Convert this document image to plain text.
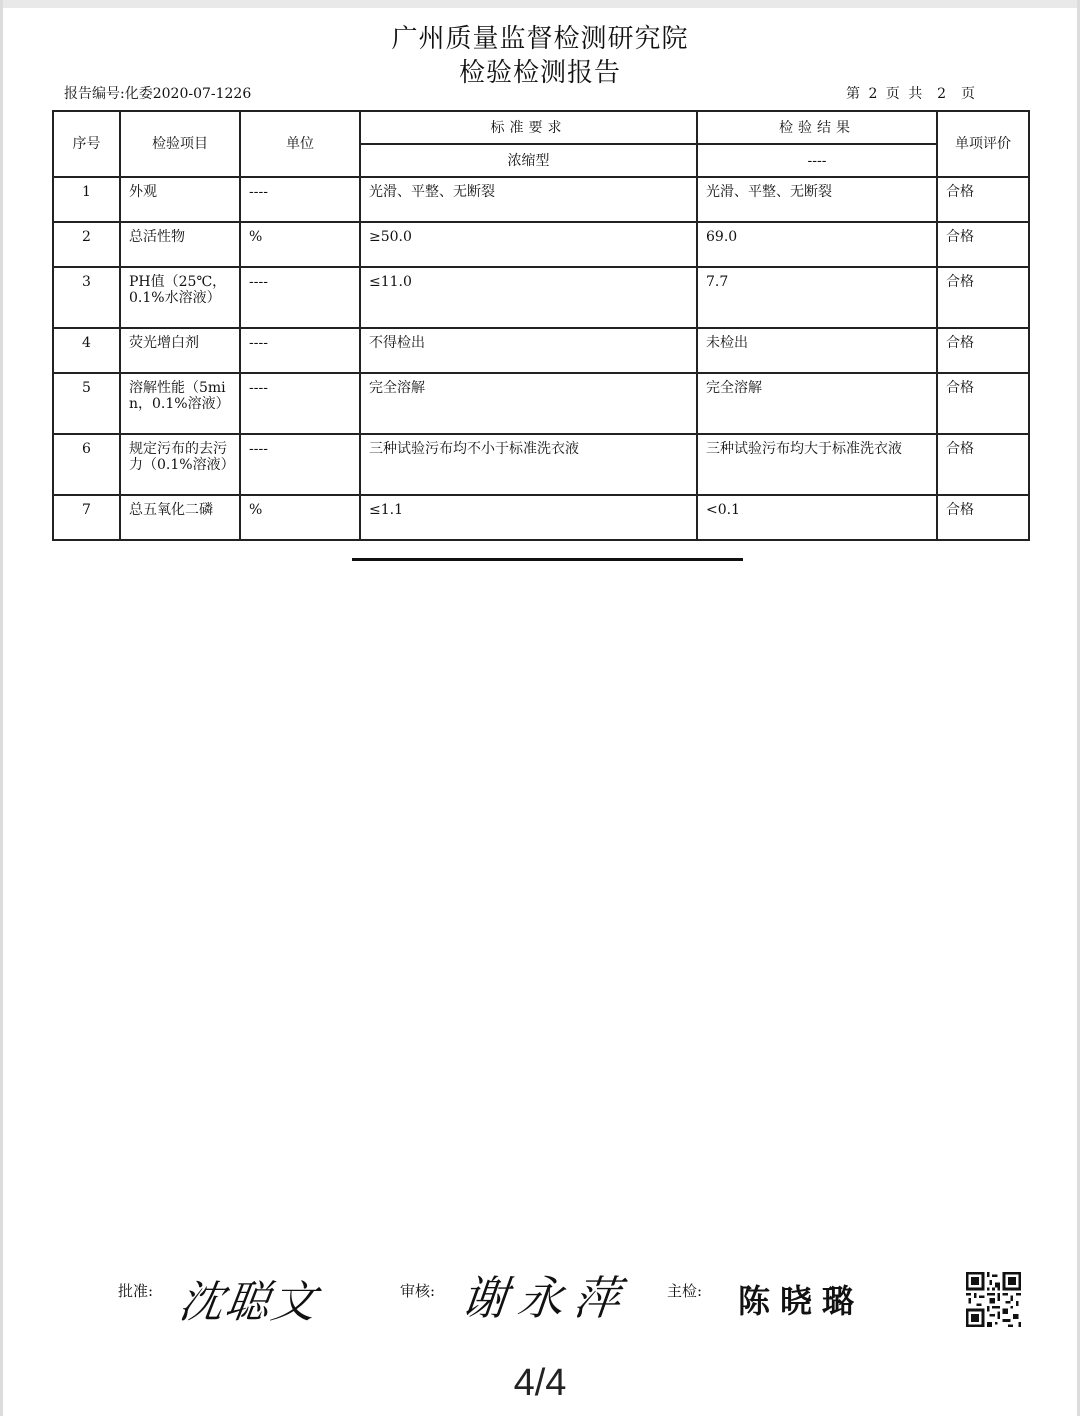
广州质量监督检测研究院
检验检测报告
报告编号:化委2020-07-1226	第 2 页 共  2  页
序号	检验项目	单位	标准要求	检验结果	单项评价
			浓缩型	----	
1	外观	----	光滑、平整、无断裂	光滑、平整、无断裂	合格
2	总活性物	%	≥50.0	69.0	合格
3	PH值（25℃，0.1%水溶液）	----	≤11.0	7.7	合格
4	荧光增白剂	----	不得检出	未检出	合格
5	溶解性能（5min，0.1%溶液）	----	完全溶解	完全溶解	合格
6	规定污布的去污力（0.1%溶液）	----	三种试验污布均不小于标准洗衣液	三种试验污布均大于标准洗衣液	合格
7	总五氧化二磷	%	≤1.1	<0.1	合格
批准: 沈聪文	审核: 谢永萍 主检: 陈晓璐
4/4
